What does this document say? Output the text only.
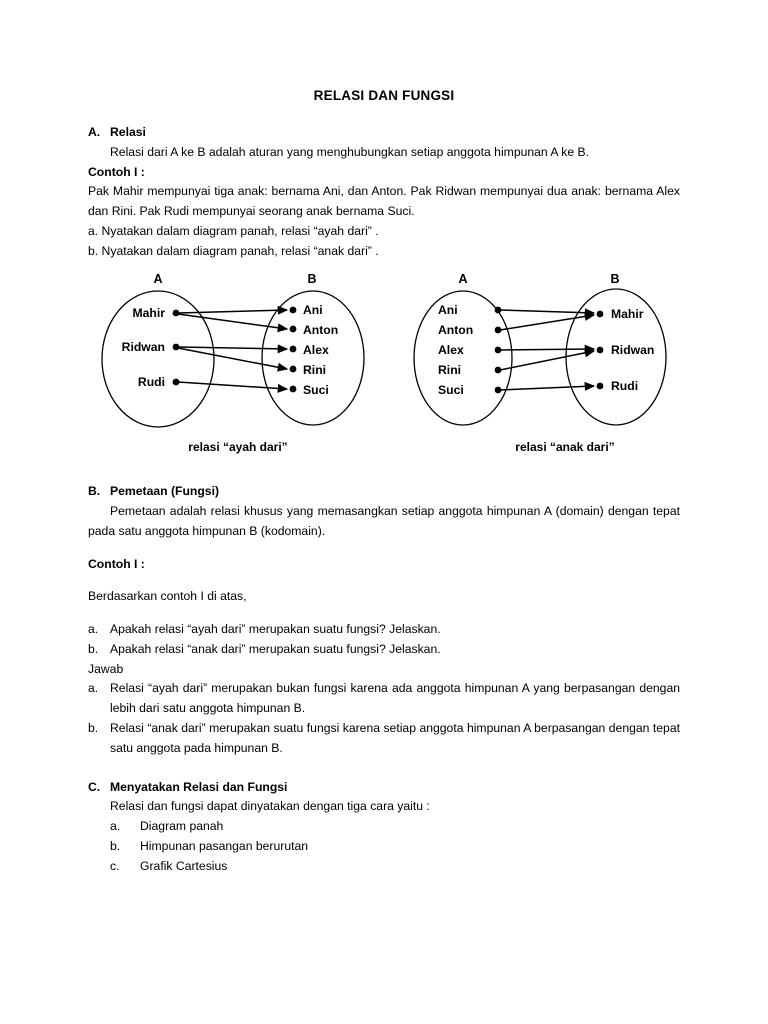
RELASI DAN FUNGSI
A. Relasi
Relasi dari A ke B adalah aturan yang menghubungkan setiap anggota himpunan A ke B.
Contoh I :
Pak Mahir mempunyai tiga anak: bernama Ani, dan Anton. Pak Ridwan mempunyai dua anak: bernama Alex dan Rini. Pak Rudi mempunyai seorang anak bernama Suci.
a. Nyatakan dalam diagram panah, relasi “ayah dari” .
b. Nyatakan dalam diagram panah, relasi “anak dari” .
A	B
Mahir
Ridwan
Rudi
Ani
Anton
Alex
Rini
Suci
relasi “ayah dari”
A	B
Ani
Anton
Alex
Rini
Suci
Mahir
Ridwan
Rudi
relasi “anak dari”
B. Pemetaan (Fungsi)
Pemetaan adalah relasi khusus yang memasangkan setiap anggota himpunan A (domain) dengan tepat pada satu anggota himpunan B (kodomain).
Contoh I :
Berdasarkan contoh I di atas,
a. Apakah relasi “ayah dari” merupakan suatu fungsi? Jelaskan.
b. Apakah relasi “anak dari” merupakan suatu fungsi? Jelaskan.
Jawab
a. Relasi “ayah dari” merupakan bukan fungsi karena ada anggota himpunan A yang berpasangan dengan lebih dari satu anggota himpunan B.
b. Relasi “anak dari” merupakan suatu fungsi karena setiap anggota himpunan A berpasangan dengan tepat satu anggota pada himpunan B.
C. Menyatakan Relasi dan Fungsi
Relasi dan fungsi dapat dinyatakan dengan tiga cara yaitu :
a.	Diagram panah
b.	Himpunan pasangan berurutan
c.	Grafik Cartesius
